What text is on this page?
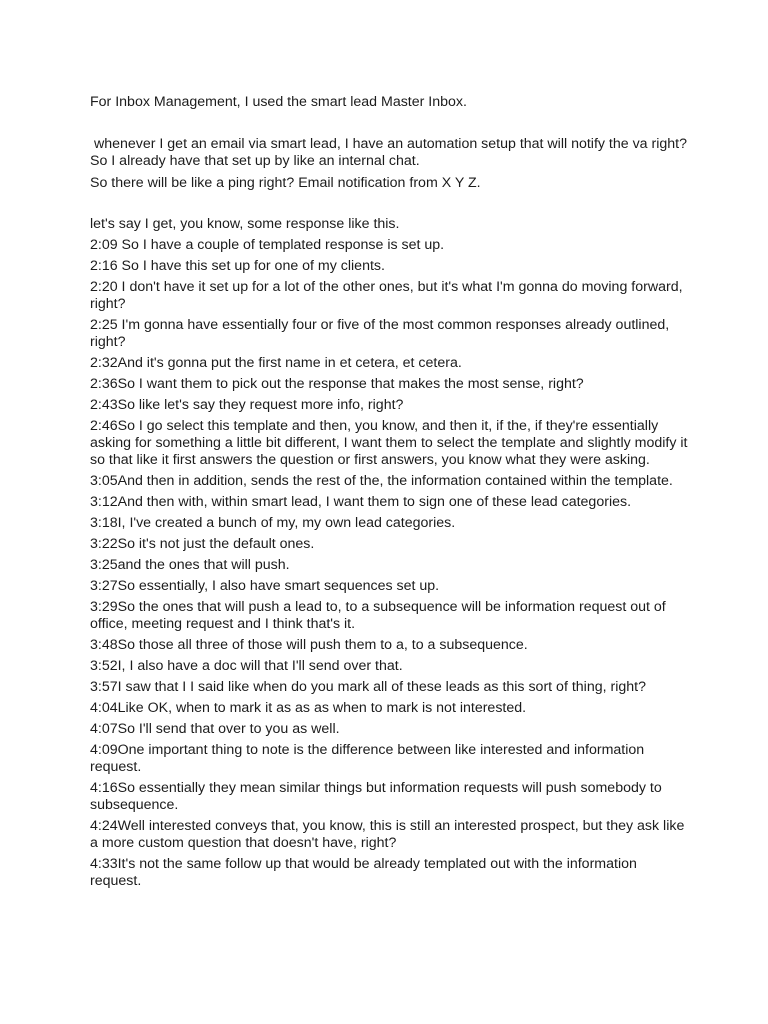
For Inbox Management, I used the smart lead Master Inbox.

whenever I get an email via smart lead, I have an automation setup that will notify the va right? So I already have that set up by like an internal chat.

So there will be like a ping right? Email notification from X Y Z.

let's say I get, you know, some response like this.

2:09 So I have a couple of templated response is set up.

2:16 So I have this set up for one of my clients.

2:20 I don't have it set up for a lot of the other ones, but it's what I'm gonna do moving forward, right?

2:25 I'm gonna have essentially four or five of the most common responses already outlined, right?

2:32And it's gonna put the first name in et cetera, et cetera.

2:36So I want them to pick out the response that makes the most sense, right?

2:43So like let's say they request more info, right?

2:46So I go select this template and then, you know, and then it, if the, if they're essentially asking for something a little bit different, I want them to select the template and slightly modify it so that like it first answers the question or first answers, you know what they were asking.

3:05And then in addition, sends the rest of the, the information contained within the template.

3:12And then with, within smart lead, I want them to sign one of these lead categories.

3:18I, I've created a bunch of my, my own lead categories.

3:22So it's not just the default ones.

3:25and the ones that will push.

3:27So essentially, I also have smart sequences set up.

3:29So the ones that will push a lead to, to a subsequence will be information request out of office, meeting request and I think that's it.

3:48So those all three of those will push them to a, to a subsequence.

3:52I, I also have a doc will that I'll send over that.

3:57I saw that I I said like when do you mark all of these leads as this sort of thing, right?

4:04Like OK, when to mark it as as as when to mark is not interested.

4:07So I'll send that over to you as well.

4:09One important thing to note is the difference between like interested and information request.

4:16So essentially they mean similar things but information requests will push somebody to subsequence.

4:24Well interested conveys that, you know, this is still an interested prospect, but they ask like a more custom question that doesn't have, right?

4:33It's not the same follow up that would be already templated out with the information request.
